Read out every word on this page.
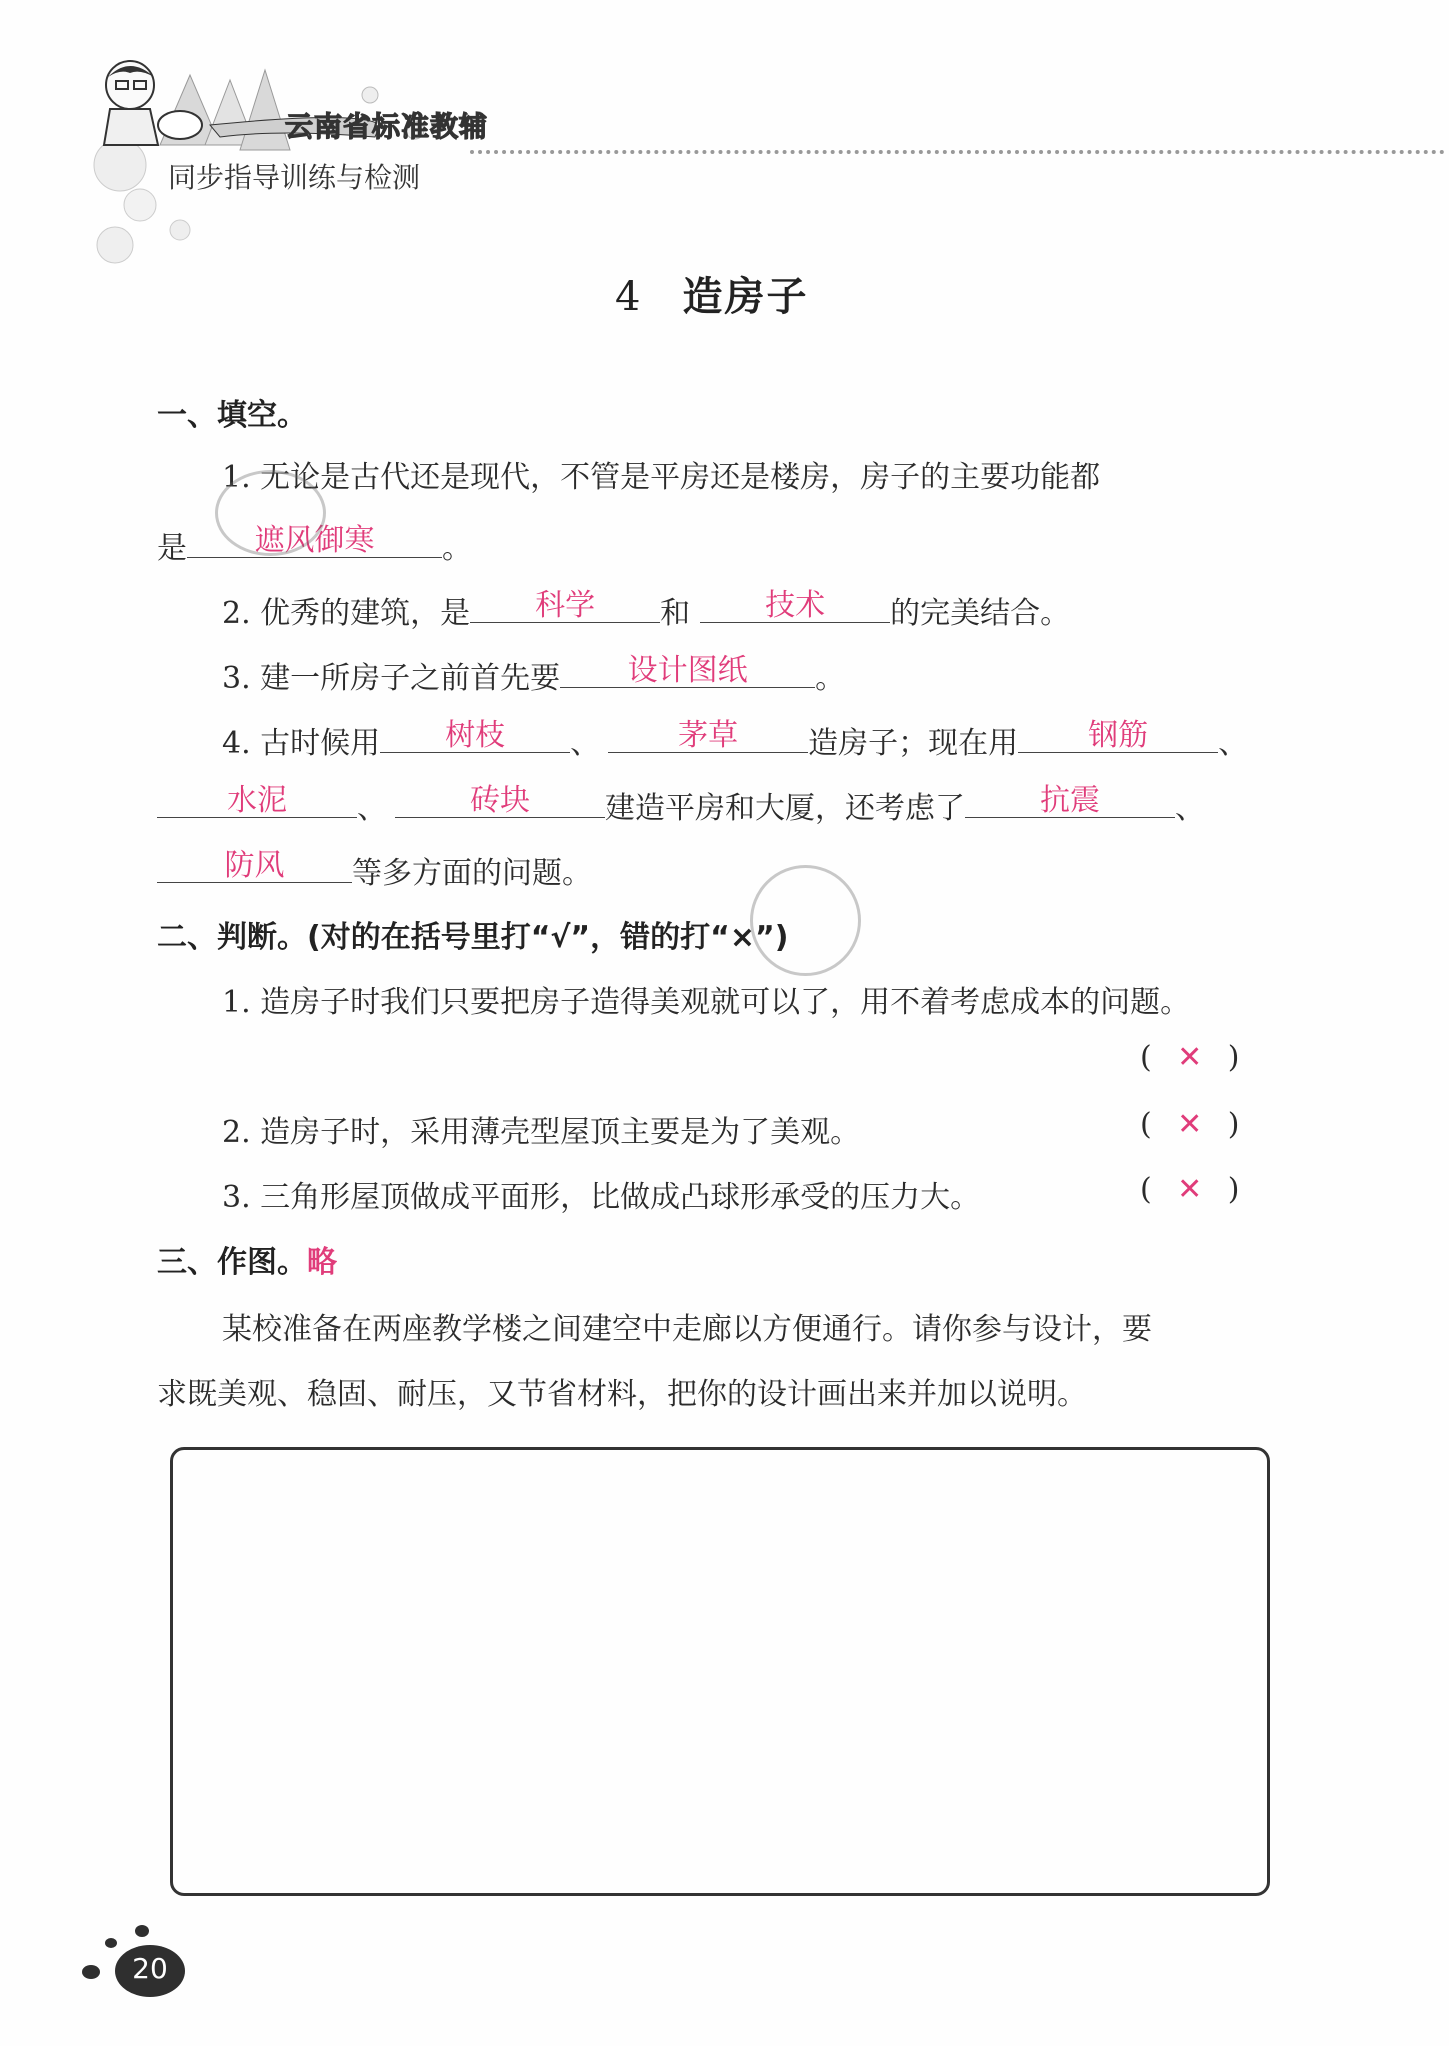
云南省标准教辅
同步指导训练与检测
4 造房子
一、填空。
1. 无论是古代还是现代，不管是平房还是楼房，房子的主要功能都
是	遮风御寒	。
2. 优秀的建筑，是	科学	和	技术	的完美结合。
3. 建一所房子之前首先要	设计图纸	。
4. 古时候用	树枝	、	茅草	造房子；现在用	钢筋	、
水泥	、	砖块	建造平房和大厦，还考虑了	抗震	、
防风	等多方面的问题。
二、判断。(对的在括号里打“√”，错的打“×”)
1. 造房子时我们只要把房子造得美观就可以了，用不着考虑成本的问题。
( ✕ )
2. 造房子时，采用薄壳型屋顶主要是为了美观。	( ✕ )
3. 三角形屋顶做成平面形，比做成凸球形承受的压力大。	( ✕ )
三、作图。略
某校准备在两座教学楼之间建空中走廊以方便通行。请你参与设计，要
求既美观、稳固、耐压，又节省材料，把你的设计画出来并加以说明。
20
